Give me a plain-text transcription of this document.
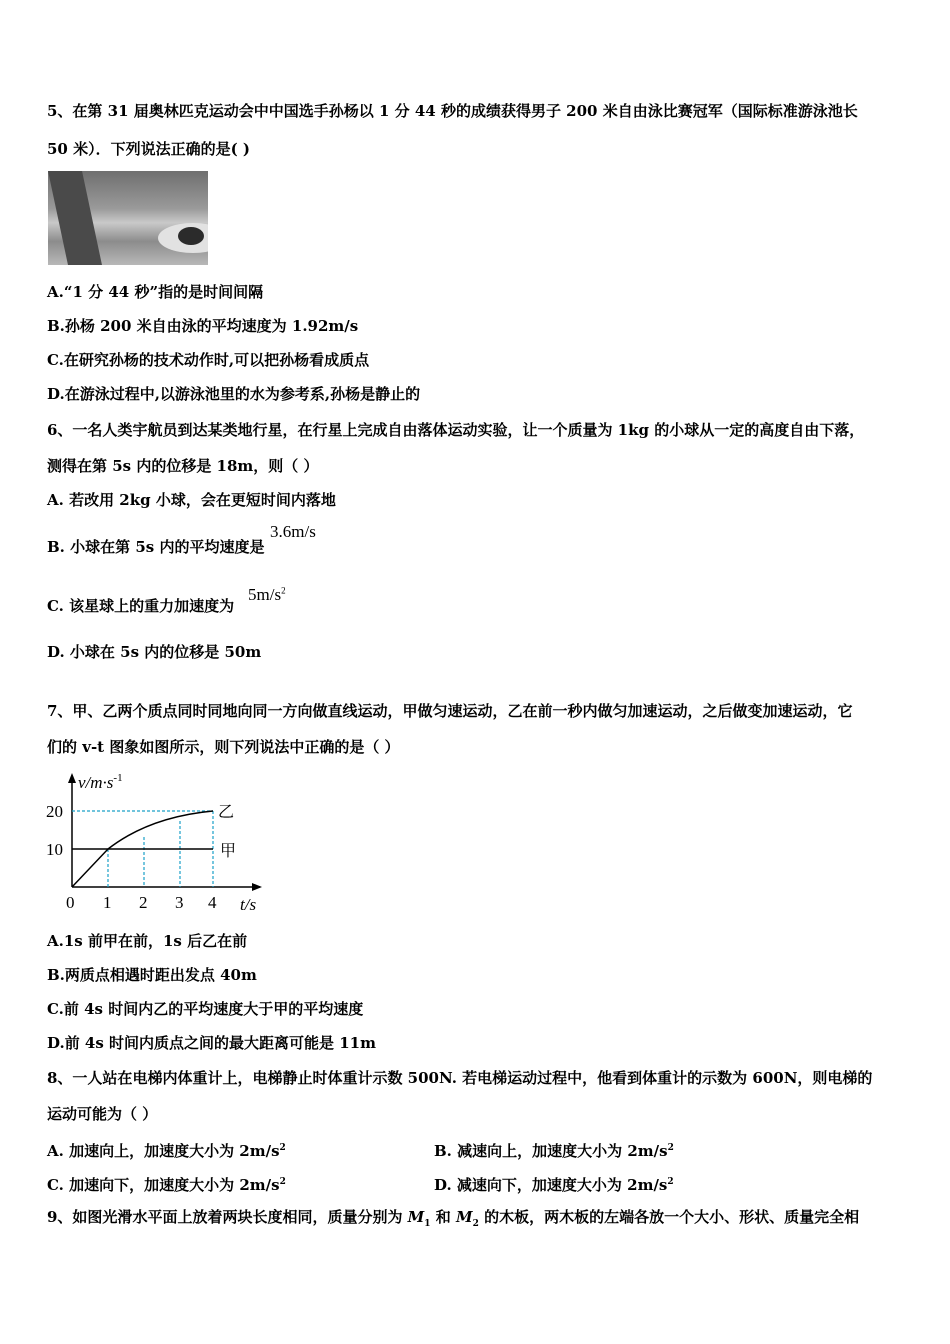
5、在第 31 届奥林匹克运动会中中国选手孙杨以 1 分 44 秒的成绩获得男子 200 米自由泳比赛冠军（国际标准游泳池长
50 米）．下列说法正确的是( )
A.“1 分 44 秒”指的是时间间隔
B.孙杨 200 米自由泳的平均速度为 1.92m/s
C.在研究孙杨的技术动作时,可以把孙杨看成质点
D.在游泳过程中,以游泳池里的水为参考系,孙杨是静止的
6、一名人类宇航员到达某类地行星，在行星上完成自由落体运动实验，让一个质量为 1kg 的小球从一定的高度自由下落，
测得在第 5s 内的位移是 18m，则（ ）
A. 若改用 2kg 小球，会在更短时间内落地
B. 小球在第 5s 内的平均速度是
3.6m/s
C. 该星球上的重力加速度为
$5m/s^2$
D. 小球在 5s 内的位移是 50m
7、甲、乙两个质点同时同地向同一方向做直线运动，甲做匀速运动，乙在前一秒内做匀加速运动，之后做变加速运动，它
们的 v-t 图象如图所示，则下列说法中正确的是（ ）
$v/m\cdot s^{-1}$
20
10
0 1 2 3 4 t/s
乙
甲
A.1s 前甲在前，1s 后乙在前
B.两质点相遇时距出发点 40m
C.前 4s 时间内乙的平均速度大于甲的平均速度
D.前 4s 时间内质点之间的最大距离可能是 11m
8、一人站在电梯内体重计上，电梯静止时体重计示数 500N. 若电梯运动过程中，他看到体重计的示数为 600N，则电梯的
运动可能为（ ）
A. 加速向上，加速度大小为 $2m/s^2$	B. 减速向上，加速度大小为 $2m/s^2$
C. 加速向下，加速度大小为 $2m/s^2$	D. 减速向下，加速度大小为 $2m/s^2$
9、如图光滑水平面上放着两块长度相同，质量分别为 $M_1$ 和 $M_2$ 的木板，两木板的左端各放一个大小、形状、质量完全相
